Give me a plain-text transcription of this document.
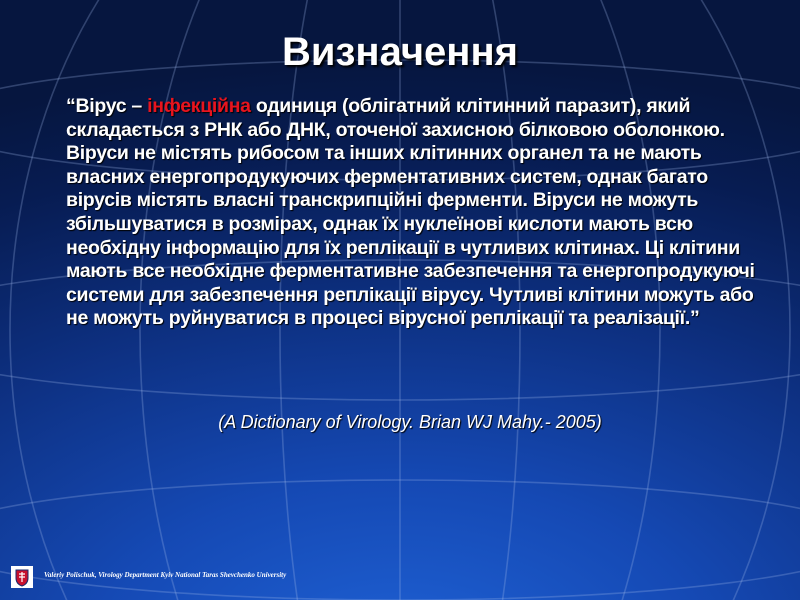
Визначення

“Вірус – інфекційна одиниця (облігатний клітинний паразит), який складається з РНК або ДНК, оточеної захисною білковою оболонкою. Віруси не містять рибосом та інших клітинних органел та не мають власних енергопродукуючих ферментативних систем, однак багато вірусів містять власні транскрипційні ферменти. Віруси не можуть збільшуватися в розмірах, однак їх нуклеїнові кислоти мають всю необхідну інформацію для їх реплікації в чутливих клітинах. Ці клітини мають все необхідне ферментативне забезпечення та енергопродукуючі системи для забезпечення реплікації вірусу. Чутливі клітини можуть або не можуть руйнуватися в процесі вірусної реплікації та реалізації.”

(A Dictionary of Virology. Brian WJ Mahy.- 2005)

Valeriy Polischuk, Virology Department Kyiv National Taras Shevchenko University
